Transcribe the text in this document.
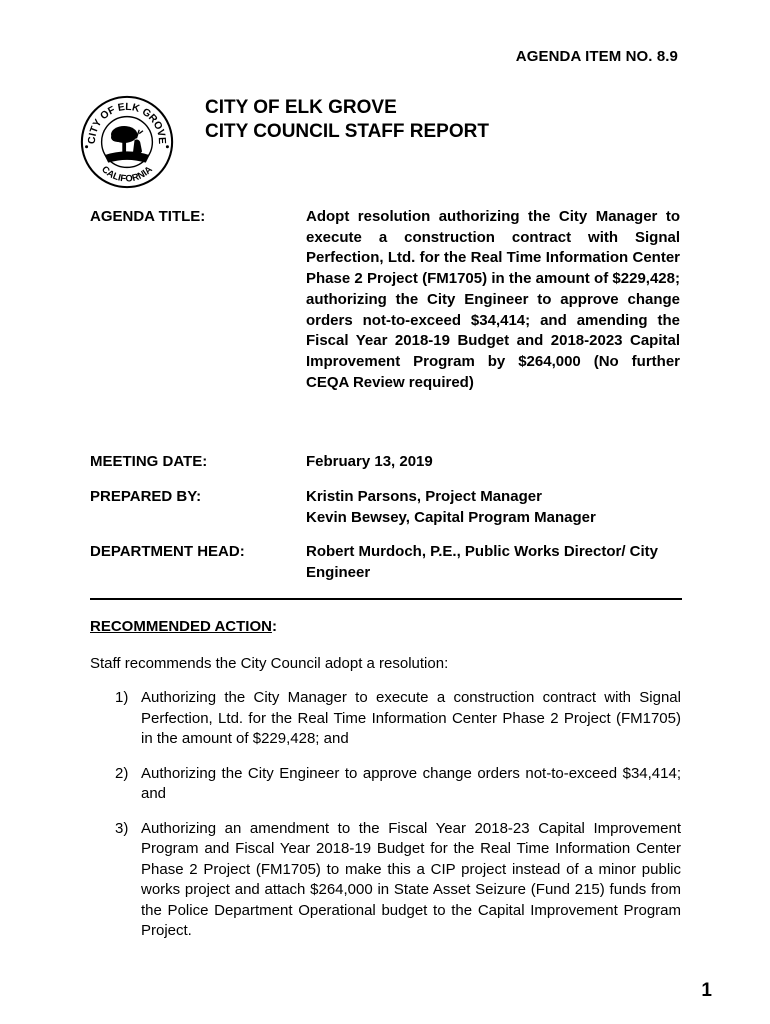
AGENDA ITEM NO. 8.9
CITY OF ELK GROVE
CALIFORNIA
CITY OF ELK GROVE
CITY COUNCIL STAFF REPORT
AGENDA TITLE:	Adopt resolution authorizing the City Manager to execute a construction contract with Signal Perfection, Ltd. for the Real Time Information Center Phase 2 Project (FM1705) in the amount of $229,428; authorizing the City Engineer to approve change orders not-to-exceed $34,414; and amending the Fiscal Year 2018-19 Budget and 2018-2023 Capital Improvement Program by $264,000 (No further CEQA Review required)
MEETING DATE:	February 13, 2019
PREPARED BY:	Kristin Parsons, Project Manager
Kevin Bewsey, Capital Program Manager
DEPARTMENT HEAD:	Robert Murdoch, P.E., Public Works Director/ City Engineer
RECOMMENDED ACTION:
Staff recommends the City Council adopt a resolution:
1) Authorizing the City Manager to execute a construction contract with Signal Perfection, Ltd. for the Real Time Information Center Phase 2 Project (FM1705) in the amount of $229,428; and
2) Authorizing the City Engineer to approve change orders not-to-exceed $34,414; and
3) Authorizing an amendment to the Fiscal Year 2018-23 Capital Improvement Program and Fiscal Year 2018-19 Budget for the Real Time Information Center Phase 2 Project (FM1705) to make this a CIP project instead of a minor public works project and attach $264,000 in State Asset Seizure (Fund 215) funds from the Police Department Operational budget to the Capital Improvement Program Project.
1
